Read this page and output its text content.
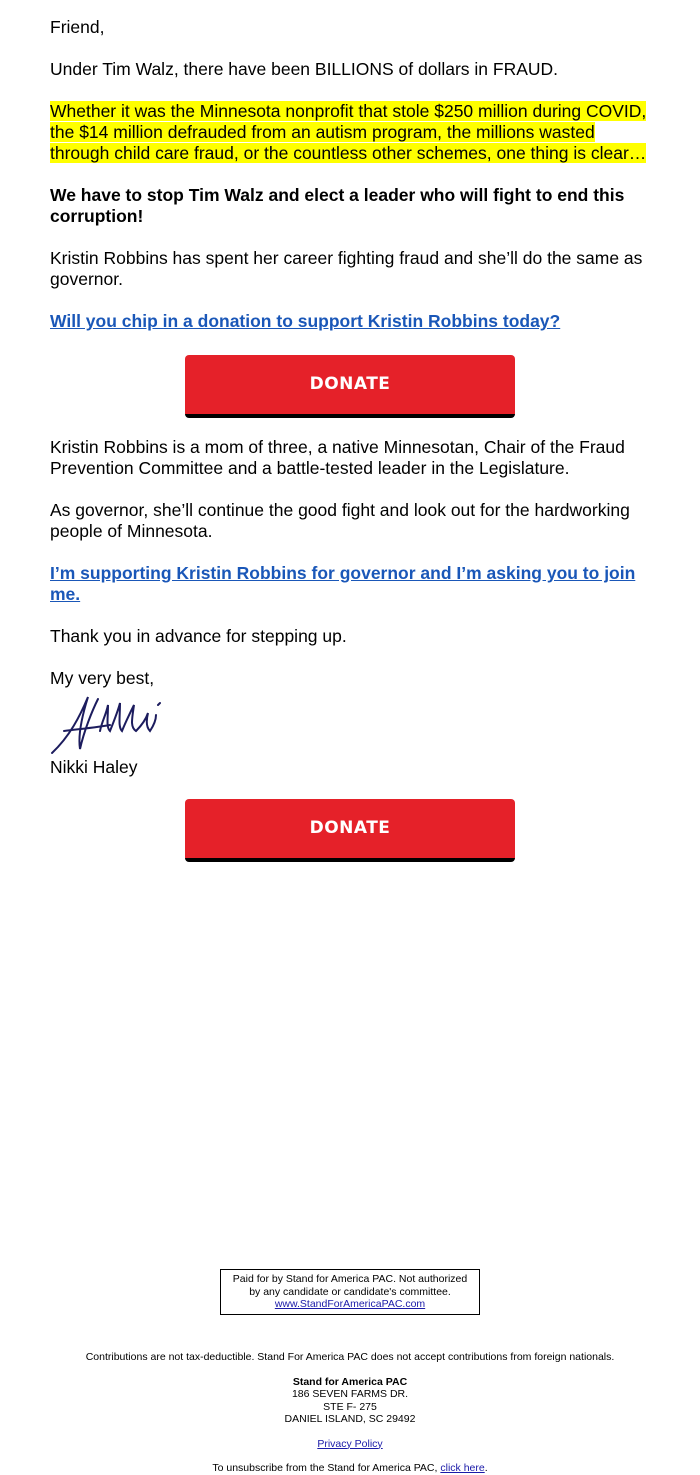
Friend,

Under Tim Walz, there have been BILLIONS of dollars in FRAUD.

Whether it was the Minnesota nonprofit that stole $250 million during COVID, the $14 million defrauded from an autism program, the millions wasted through child care fraud, or the countless other schemes, one thing is clear…

We have to stop Tim Walz and elect a leader who will fight to end this corruption!

Kristin Robbins has spent her career fighting fraud and she’ll do the same as governor.

Will you chip in a donation to support Kristin Robbins today?

DONATE

Kristin Robbins is a mom of three, a native Minnesotan, Chair of the Fraud Prevention Committee and a battle-tested leader in the Legislature.

As governor, she’ll continue the good fight and look out for the hardworking people of Minnesota.

I’m supporting Kristin Robbins for governor and I’m asking you to join me.

Thank you in advance for stepping up.

My very best,

Nikki Haley

DONATE

Paid for by Stand for America PAC. Not authorized by any candidate or candidate's committee.
www.StandForAmericaPAC.com
Contributions are not tax-deductible. Stand For America PAC does not accept contributions from foreign nationals.
Stand for America PAC
186 SEVEN FARMS DR.
STE F- 275
DANIEL ISLAND, SC 29492
Privacy Policy
To unsubscribe from the Stand for America PAC, click here.
